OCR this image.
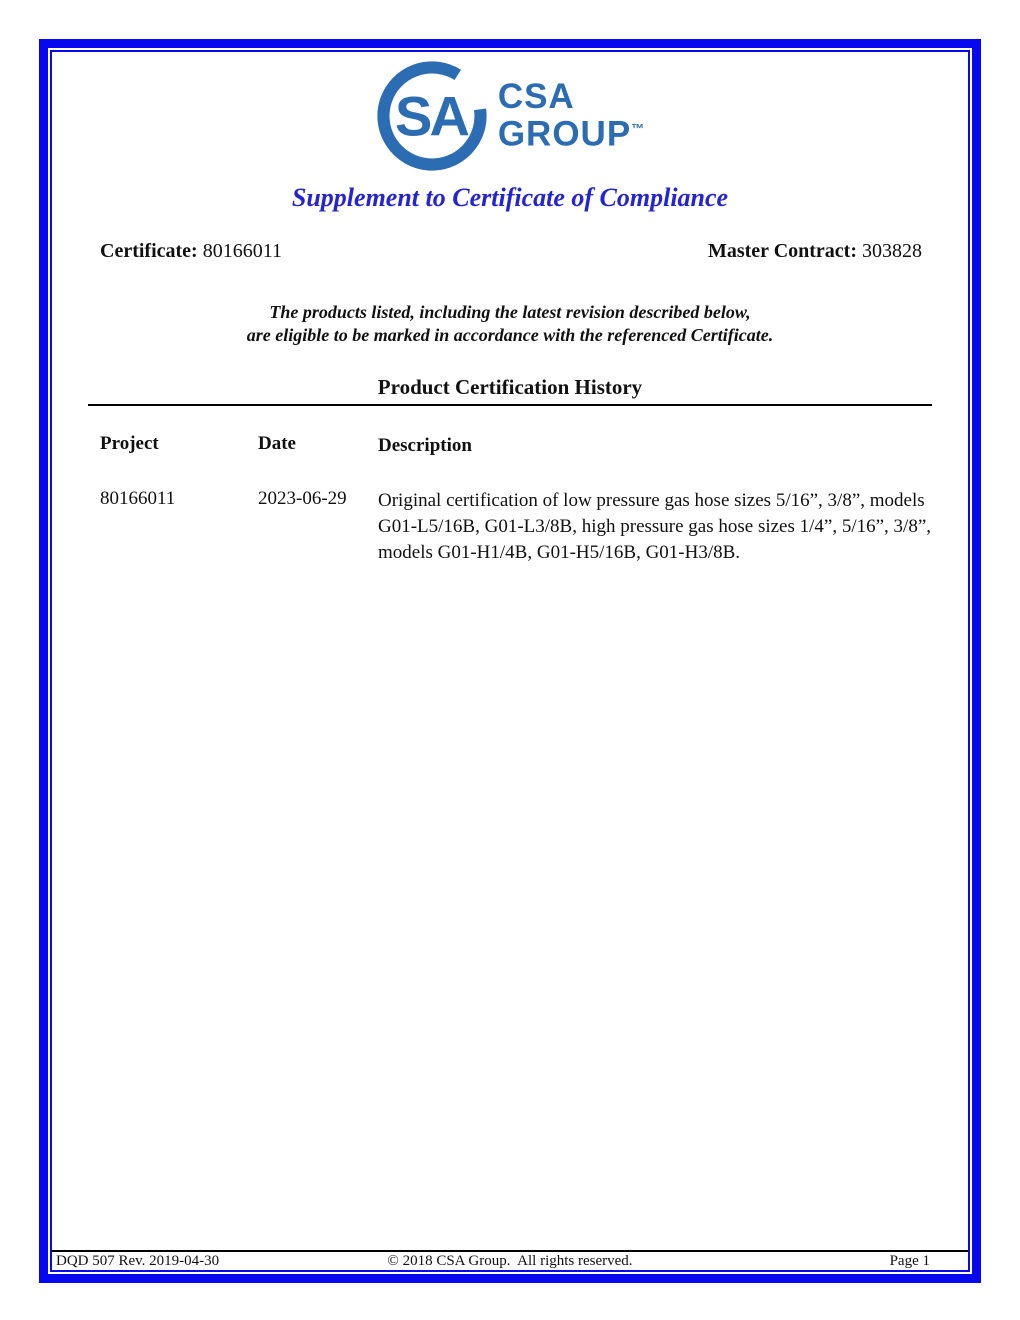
SA CSA
GROUP™
Supplement to Certificate of Compliance
Certificate: 80166011	Master Contract: 303828

The products listed, including the latest revision described below,
are eligible to be marked in accordance with the referenced Certificate.

Product Certification History
Project	Date	Description
80166011	2023-06-29 Original certification of low pressure gas hose sizes 5/16”, 3/8”, models G01-L5/16B, G01-L3/8B, high pressure gas hose sizes 1/4”, 5/16”, 3/8”, models G01-H1/4B, G01-H5/16B, G01-H3/8B.
DQD 507 Rev. 2019-04-30	© 2018 CSA Group.  All rights reserved.	Page 1
